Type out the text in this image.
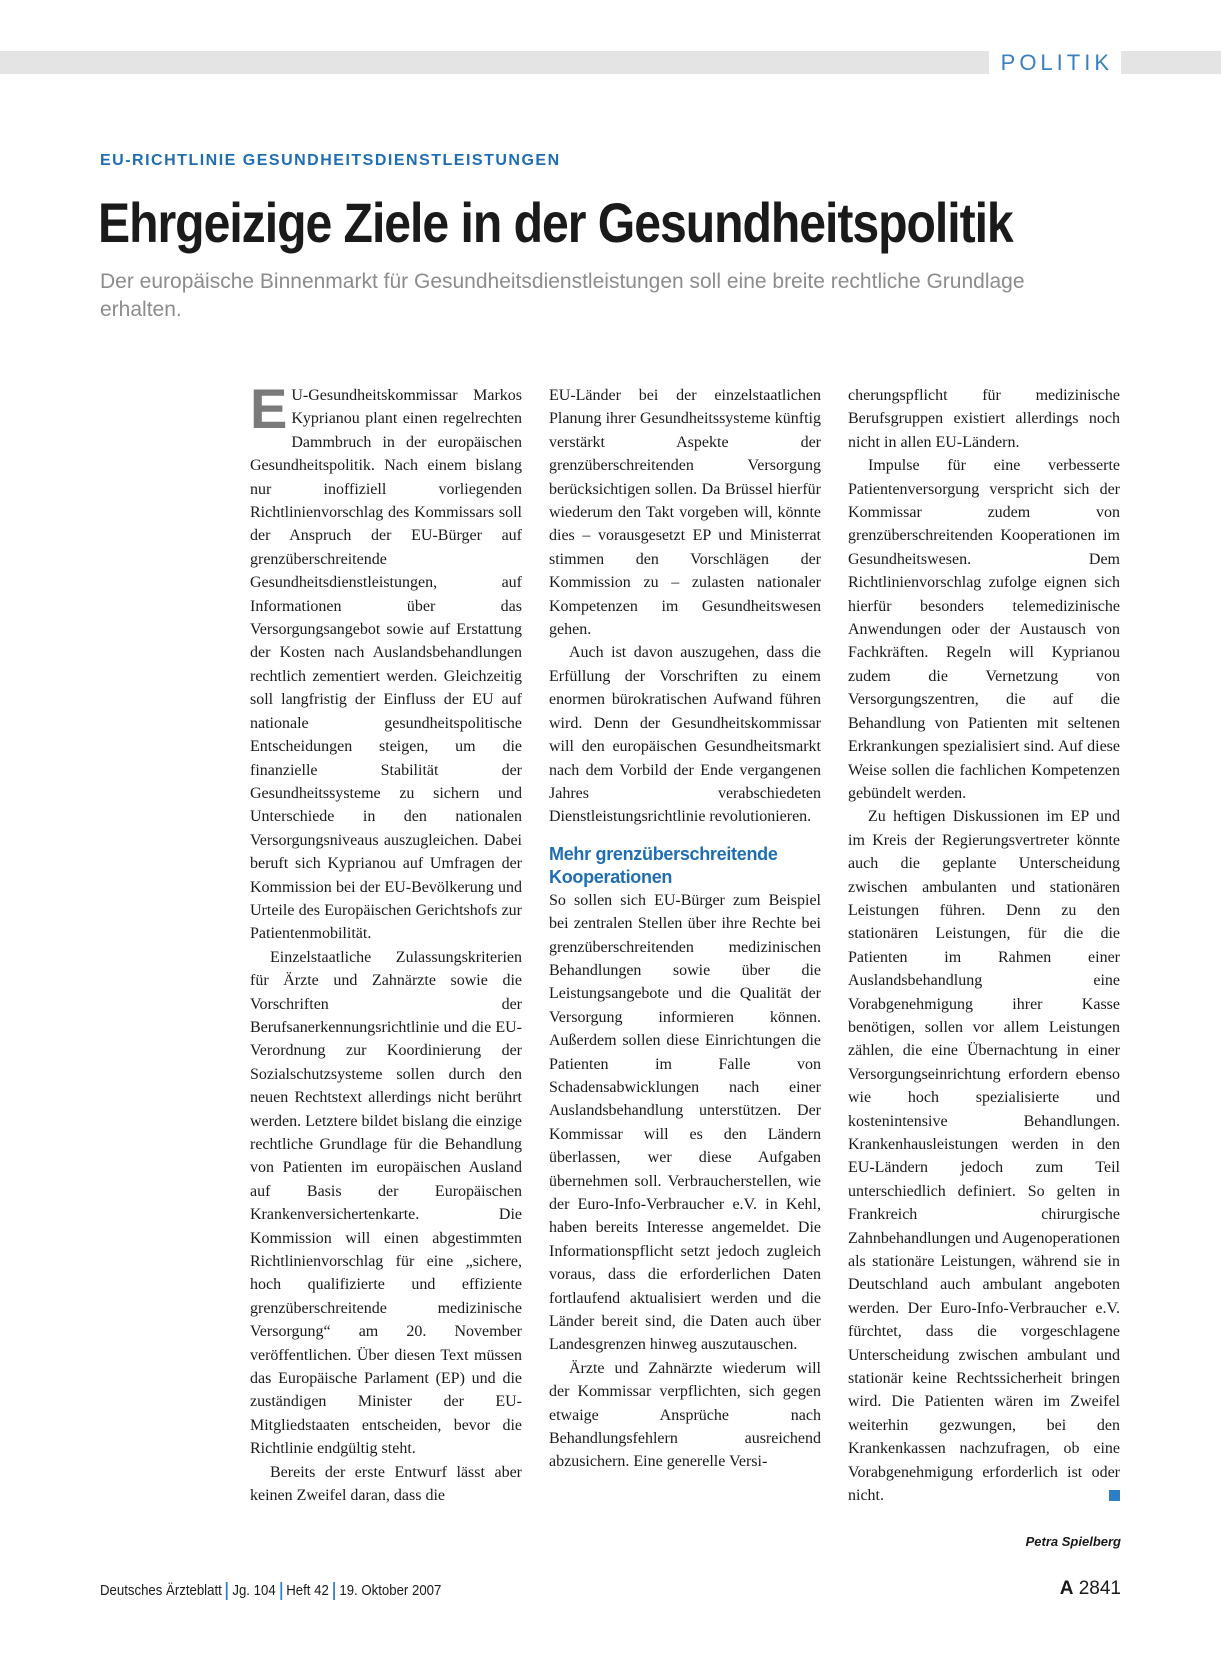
POLITIK
EU-RICHTLINIE GESUNDHEITSDIENSTLEISTUNGEN
Ehrgeizige Ziele in der Gesundheitspolitik
Der europäische Binnenmarkt für Gesundheitsdienstleistungen soll eine breite rechtliche Grundlage erhalten.

E U-Gesundheitskommissar Markos Kyprianou plant einen regelrechten Dammbruch in der europäischen Gesundheitspolitik. Nach einem bislang nur inoffiziell vorliegenden Richtlinienvorschlag des Kommissars soll der Anspruch der EU-Bürger auf grenzüberschreitende Gesundheitsdienstleistungen, auf Informationen über das Versorgungsangebot sowie auf Erstattung der Kosten nach Auslandsbehandlungen rechtlich zementiert werden. Gleichzeitig soll langfristig der Einfluss der EU auf nationale gesundheitspolitische Entscheidungen steigen, um die finanzielle Stabilität der Gesundheitssysteme zu sichern und Unterschiede in den nationalen Versorgungsniveaus auszugleichen. Dabei beruft sich Kyprianou auf Umfragen der Kommission bei der EU-Bevölkerung und Urteile des Europäischen Gerichtshofs zur Patientenmobilität.

Einzelstaatliche Zulassungskriterien für Ärzte und Zahnärzte sowie die Vorschriften der Berufsanerkennungsrichtlinie und die EU-Verordnung zur Koordinierung der Sozialschutzsysteme sollen durch den neuen Rechtstext allerdings nicht berührt werden. Letztere bildet bislang die einzige rechtliche Grundlage für die Behandlung von Patienten im europäischen Ausland auf Basis der Europäischen Krankenversichertenkarte. Die Kommission will einen abgestimmten Richtlinienvorschlag für eine „sichere, hoch qualifizierte und effiziente grenzüberschreitende medizinische Versorgung“ am 20. November veröffentlichen. Über diesen Text müssen das Europäische Parlament (EP) und die zuständigen Minister der EU-Mitgliedstaaten entscheiden, bevor die Richtlinie endgültig steht.

Bereits der erste Entwurf lässt aber keinen Zweifel daran, dass die

EU-Länder bei der einzelstaatlichen Planung ihrer Gesundheitssysteme künftig verstärkt Aspekte der grenzüberschreitenden Versorgung berücksichtigen sollen. Da Brüssel hierfür wiederum den Takt vorgeben will, könnte dies – vorausgesetzt EP und Ministerrat stimmen den Vorschlägen der Kommission zu – zulasten nationaler Kompetenzen im Gesundheitswesen gehen.

Auch ist davon auszugehen, dass die Erfüllung der Vorschriften zu einem enormen bürokratischen Aufwand führen wird. Denn der Gesundheitskommissar will den europäischen Gesundheitsmarkt nach dem Vorbild der Ende vergangenen Jahres verabschiedeten Dienstleistungsrichtlinie revolutionieren.

Mehr grenzüberschreitende Kooperationen

So sollen sich EU-Bürger zum Beispiel bei zentralen Stellen über ihre Rechte bei grenzüberschreitenden medizinischen Behandlungen sowie über die Leistungsangebote und die Qualität der Versorgung informieren können. Außerdem sollen diese Einrichtungen die Patienten im Falle von Schadensabwicklungen nach einer Auslandsbehandlung unterstützen. Der Kommissar will es den Ländern überlassen, wer diese Aufgaben übernehmen soll. Verbraucherstellen, wie der Euro-Info-Verbraucher e.V. in Kehl, haben bereits Interesse angemeldet. Die Informationspflicht setzt jedoch zugleich voraus, dass die erforderlichen Daten fortlaufend aktualisiert werden und die Länder bereit sind, die Daten auch über Landesgrenzen hinweg auszutauschen.

Ärzte und Zahnärzte wiederum will der Kommissar verpflichten, sich gegen etwaige Ansprüche nach Behandlungsfehlern ausreichend abzusichern. Eine generelle Versi-

cherungspflicht für medizinische Berufsgruppen existiert allerdings noch nicht in allen EU-Ländern.

Impulse für eine verbesserte Patientenversorgung verspricht sich der Kommissar zudem von grenzüberschreitenden Kooperationen im Gesundheitswesen. Dem Richtlinienvorschlag zufolge eignen sich hierfür besonders telemedizinische Anwendungen oder der Austausch von Fachkräften. Regeln will Kyprianou zudem die Vernetzung von Versorgungszentren, die auf die Behandlung von Patienten mit seltenen Erkrankungen spezialisiert sind. Auf diese Weise sollen die fachlichen Kompetenzen gebündelt werden.

Zu heftigen Diskussionen im EP und im Kreis der Regierungsvertreter könnte auch die geplante Unterscheidung zwischen ambulanten und stationären Leistungen führen. Denn zu den stationären Leistungen, für die die Patienten im Rahmen einer Auslandsbehandlung eine Vorabgenehmigung ihrer Kasse benötigen, sollen vor allem Leistungen zählen, die eine Übernachtung in einer Versorgungseinrichtung erfordern ebenso wie hoch spezialisierte und kostenintensive Behandlungen. Krankenhausleistungen werden in den EU-Ländern jedoch zum Teil unterschiedlich definiert. So gelten in Frankreich chirurgische Zahnbehandlungen und Augenoperationen als stationäre Leistungen, während sie in Deutschland auch ambulant angeboten werden. Der Euro-Info-Verbraucher e.V. fürchtet, dass die vorgeschlagene Unterscheidung zwischen ambulant und stationär keine Rechtssicherheit bringen wird. Die Patienten wären im Zweifel weiterhin gezwungen, bei den Krankenkassen nachzufragen, ob eine Vorabgenehmigung erforderlich ist oder nicht.

Petra Spielberg
Deutsches Ärzteblatt Jg. 104 Heft 42 19. Oktober 2007	A 2841
